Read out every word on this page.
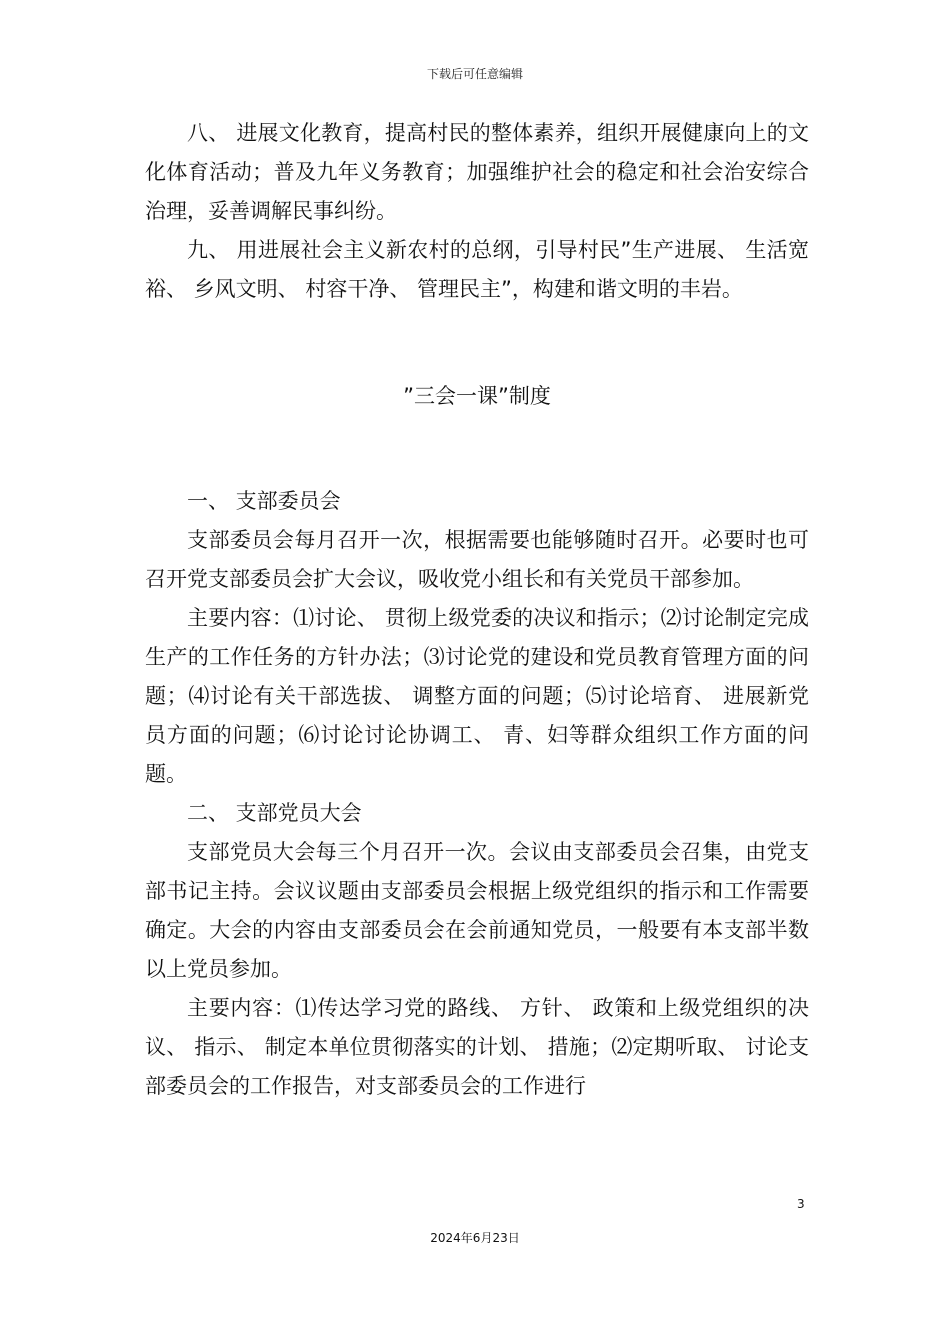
下载后可任意编辑

八、 进展文化教育，提高村民的整体素养，组织开展健康向上的文化体育活动；普及九年义务教育；加强维护社会的稳定和社会治安综合治理，妥善调解民事纠纷。

九、 用进展社会主义新农村的总纲，引导村民”生产进展、 生活宽裕、 乡风文明、 村容干净、 管理民主”，构建和谐文明的丰岩。

”三会一课”制度

一、 支部委员会

支部委员会每月召开一次，根据需要也能够随时召开。必要时也可召开党支部委员会扩大会议，吸收党小组长和有关党员干部参加。

主要内容：⑴讨论、 贯彻上级党委的决议和指示；⑵讨论制定完成生产的工作任务的方针办法；⑶讨论党的建设和党员教育管理方面的问题；⑷讨论有关干部选拔、 调整方面的问题；⑸讨论培育、 进展新党员方面的问题；⑹讨论讨论协调工、 青、妇等群众组织工作方面的问题。

二、 支部党员大会

支部党员大会每三个月召开一次。会议由支部委员会召集，由党支部书记主持。会议议题由支部委员会根据上级党组织的指示和工作需要确定。大会的内容由支部委员会在会前通知党员，一般要有本支部半数以上党员参加。

主要内容：⑴传达学习党的路线、 方针、 政策和上级党组织的决议、 指示、 制定本单位贯彻落实的计划、 措施；⑵定期听取、 讨论支部委员会的工作报告，对支部委员会的工作进行

3
2024年6月23日
